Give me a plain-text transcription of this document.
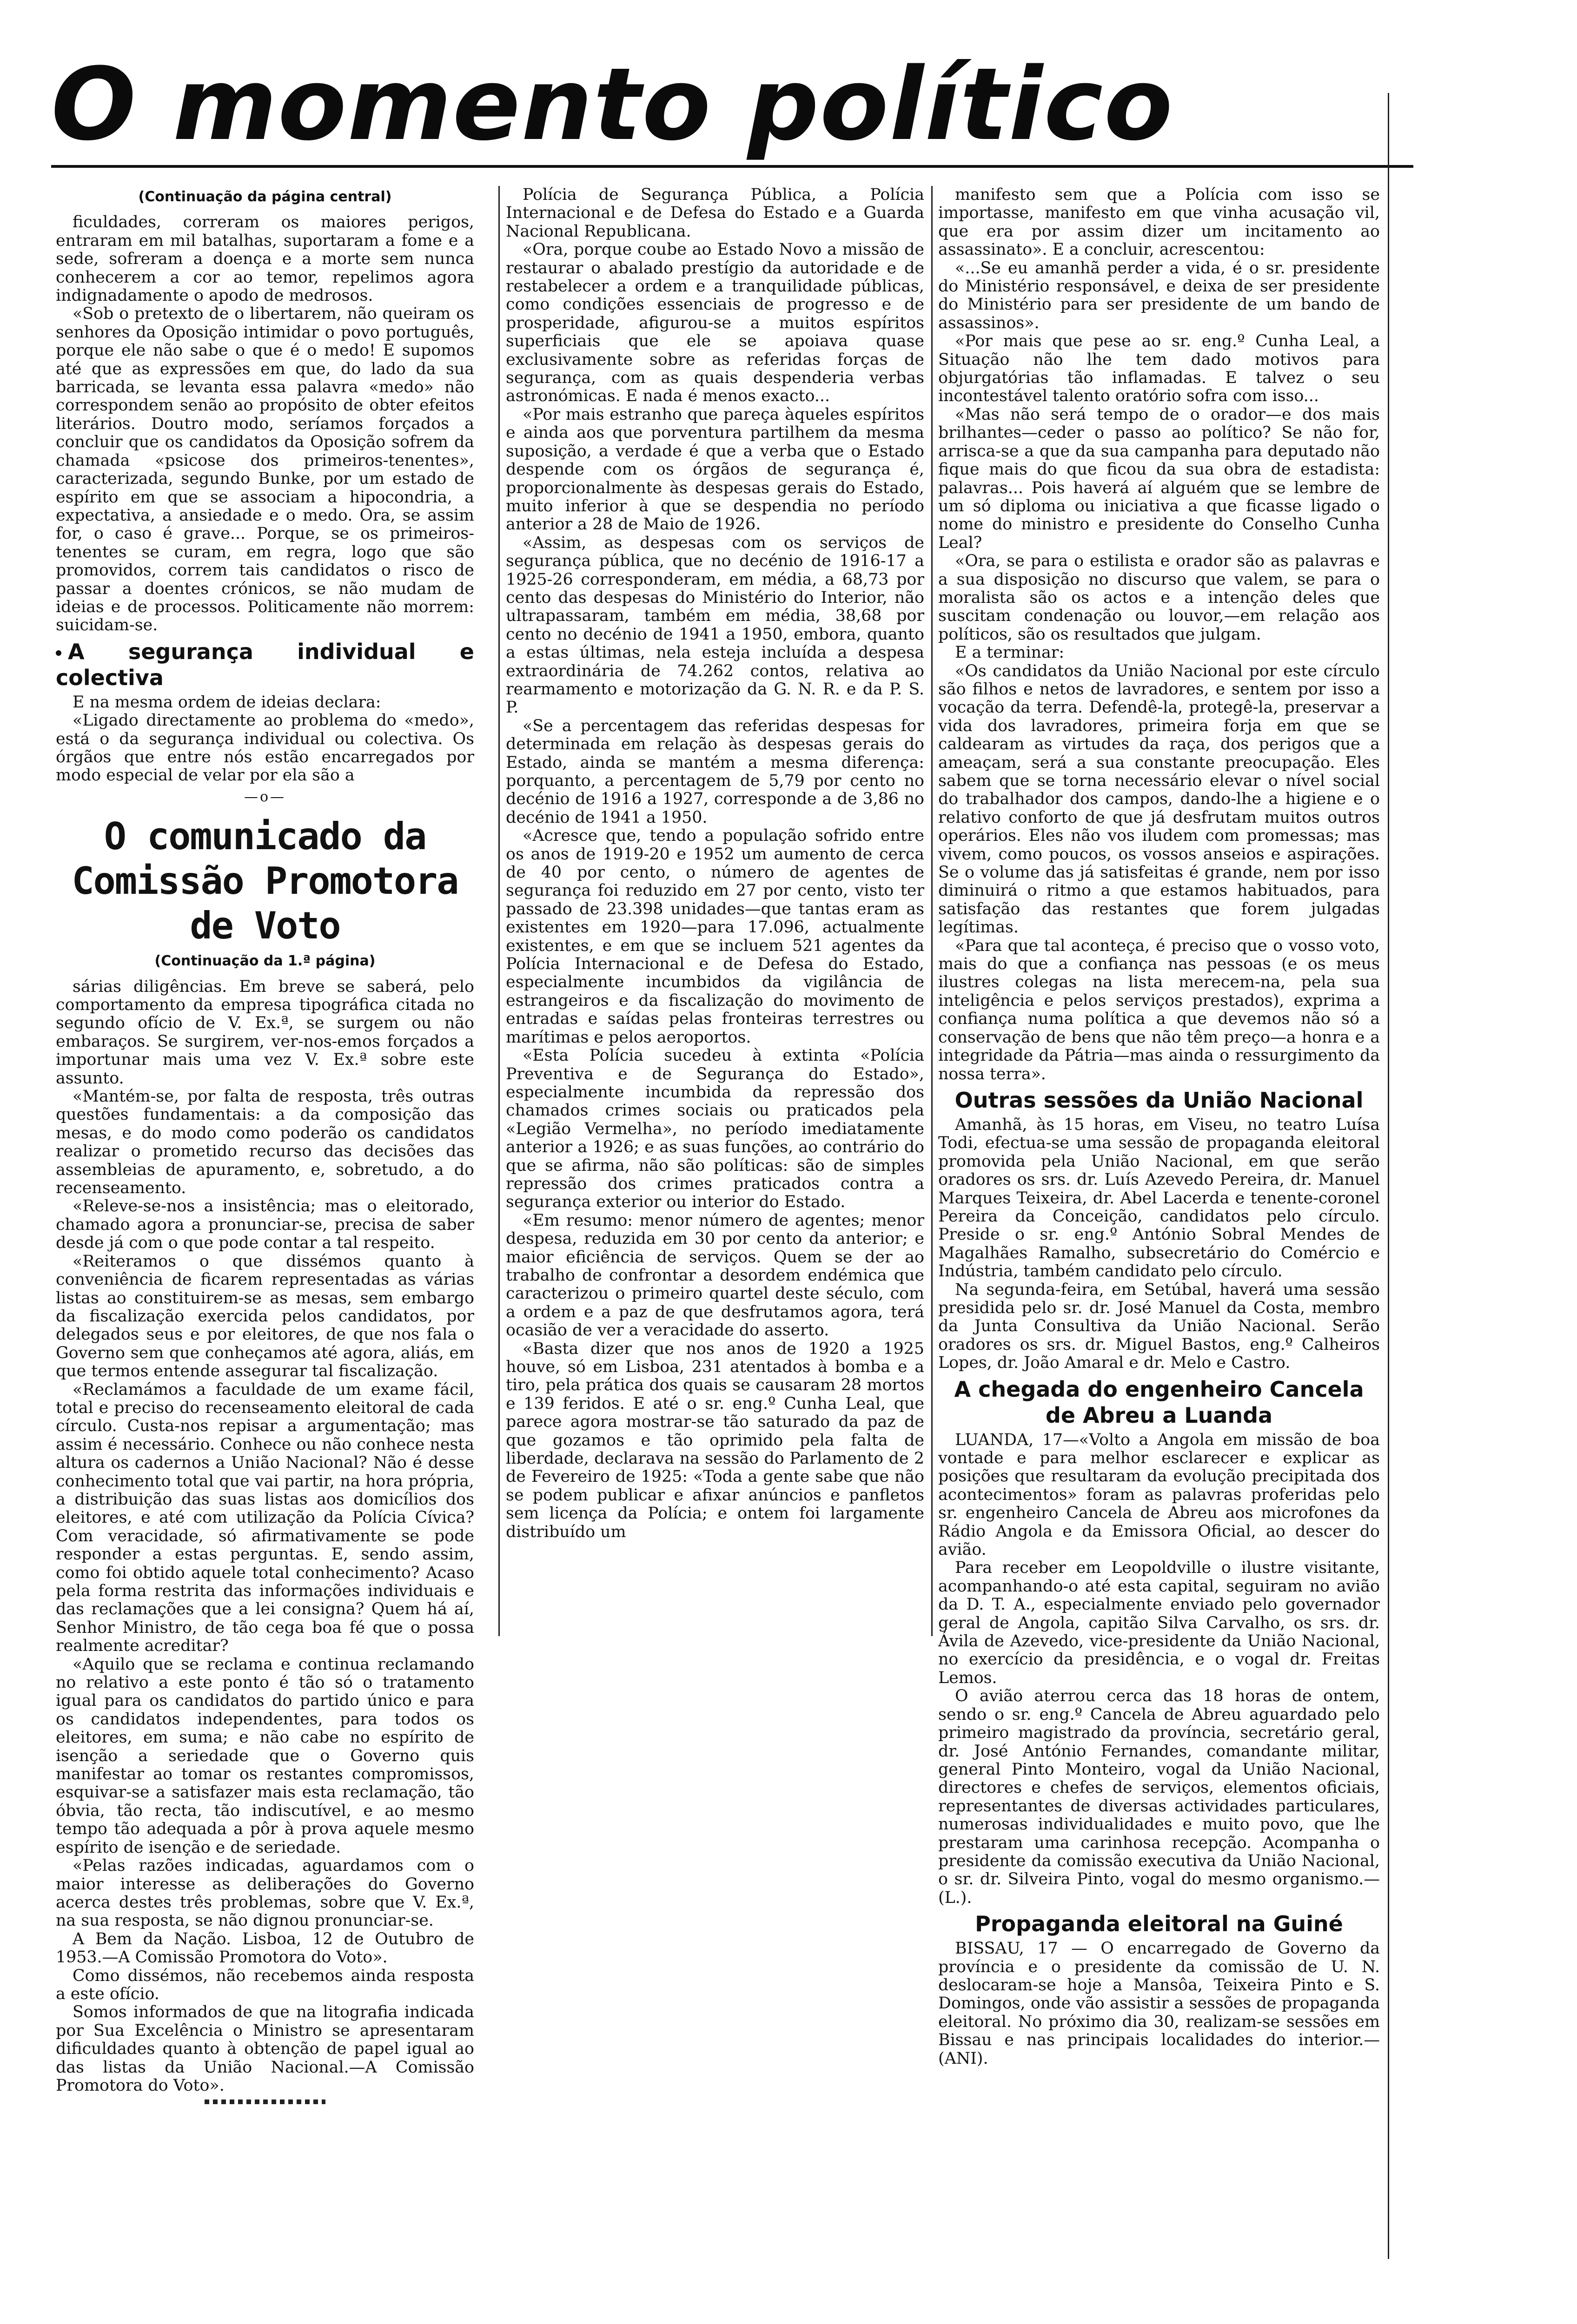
O momento político
(Continuação da página central)

ficuldades, correram os maiores perigos, entraram em mil batalhas, suportaram a fome e a sede, sofreram a doença e a morte sem nunca conhecerem a cor ao temor, repelimos agora indignadamente o apodo de medrosos.

«Sob o pretexto de o libertarem, não queiram os senhores da Oposição intimidar o povo português, porque ele não sabe o que é o medo! E supomos até que as expressões em que, do lado da sua barricada, se levanta essa palavra «medo» não correspondem senão ao propósito de obter efeitos literários. Doutro modo, seríamos forçados a concluir que os candidatos da Oposição sofrem da chamada «psicose dos primeiros-tenentes», caracterizada, segundo Bunke, por um estado de espírito em que se associam a hipocondria, a expectativa, a ansiedade e o medo. Ora, se assim for, o caso é grave... Porque, se os primeiros-tenentes se curam, em regra, logo que são promovidos, correm tais candidatos o risco de passar a doentes crónicos, se não mudam de ideias e de processos. Politicamente não morrem: suicidam-se.

A segurança individual e colectiva

E na mesma ordem de ideias declara:

«Ligado directamente ao problema do «medo», está o da segurança individual ou colectiva. Os órgãos que entre nós estão encarregados por modo especial de velar por ela são a

—o—
O comunicado da Comissão Promotora de Voto
(Continuação da 1.ª página)

sárias diligências. Em breve se saberá, pelo comportamento da empresa tipográfica citada no segundo ofício de V. Ex.ª, se surgem ou não embaraços. Se surgirem, ver-nos-emos forçados a importunar mais uma vez V. Ex.ª sobre este assunto.

«Mantém-se, por falta de resposta, três outras questões fundamentais: a da composição das mesas, e do modo como poderão os candidatos realizar o prometido recurso das decisões das assembleias de apuramento, e, sobretudo, a do recenseamento.

«Releve-se-nos a insistência; mas o eleitorado, chamado agora a pronunciar-se, precisa de saber desde já com o que pode contar a tal respeito.

«Reiteramos o que dissémos quanto à conveniência de ficarem representadas as várias listas ao constituirem-se as mesas, sem embargo da fiscalização exercida pelos candidatos, por delegados seus e por eleitores, de que nos fala o Governo sem que conheçamos até agora, aliás, em que termos entende assegurar tal fiscalização.

«Reclamámos a faculdade de um exame fácil, total e preciso do recenseamento eleitoral de cada círculo. Custa-nos repisar a argumentação; mas assim é necessário. Conhece ou não conhece nesta altura os cadernos a União Nacional? Não é desse conhecimento total que vai partir, na hora própria, a distribuição das suas listas aos domicílios dos eleitores, e até com utilização da Polícia Cívica? Com veracidade, só afirmativamente se pode responder a estas perguntas. E, sendo assim, como foi obtido aquele total conhecimento? Acaso pela forma restrita das informações individuais e das reclamações que a lei consigna? Quem há aí, Senhor Ministro, de tão cega boa fé que o possa realmente acreditar?

«Aquilo que se reclama e continua reclamando no relativo a este ponto é tão só o tratamento igual para os candidatos do partido único e para os candidatos independentes, para todos os eleitores, em suma; e não cabe no espírito de isenção a seriedade que o Governo quis manifestar ao tomar os restantes compromissos, esquivar-se a satisfazer mais esta reclamação, tão óbvia, tão recta, tão indiscutível, e ao mesmo tempo tão adequada a pôr à prova aquele mesmo espírito de isenção e de seriedade.

«Pelas razões indicadas, aguardamos com o maior interesse as deliberações do Governo acerca destes três problemas, sobre que V. Ex.ª, na sua resposta, se não dignou pronunciar-se.

A Bem da Nação. Lisboa, 12 de Outubro de 1953.—A Comissão Promotora do Voto».

Como dissémos, não recebemos ainda resposta a este ofício.

Somos informados de que na litografia indicada por Sua Excelência o Ministro se apresentaram dificuldades quanto à obtenção de papel igual ao das listas da União Nacional.—A Comissão Promotora do Voto».

Polícia de Segurança Pública, a Polícia Internacional e de Defesa do Estado e a Guarda Nacional Republicana.

«Ora, porque coube ao Estado Novo a missão de restaurar o abalado prestígio da autoridade e de restabelecer a ordem e a tranquilidade públicas, como condições essenciais de progresso e de prosperidade, afigurou-se a muitos espíritos superficiais que ele se apoiava quase exclusivamente sobre as referidas forças de segurança, com as quais despenderia verbas astronómicas. E nada é menos exacto...

«Por mais estranho que pareça àqueles espíritos e ainda aos que porventura partilhem da mesma suposição, a verdade é que a verba que o Estado despende com os órgãos de segurança é, proporcionalmente às despesas gerais do Estado, muito inferior à que se despendia no período anterior a 28 de Maio de 1926.

«Assim, as despesas com os serviços de segurança pública, que no decénio de 1916-17 a 1925-26 corresponderam, em média, a 68,73 por cento das despesas do Ministério do Interior, não ultrapassaram, também em média, 38,68 por cento no decénio de 1941 a 1950, embora, quanto a estas últimas, nela esteja incluída a despesa extraordinária de 74.262 contos, relativa ao rearmamento e motorização da G. N. R. e da P. S. P.

«Se a percentagem das referidas despesas for determinada em relação às despesas gerais do Estado, ainda se mantém a mesma diferença: porquanto, a percentagem de 5,79 por cento no decénio de 1916 a 1927, corresponde a de 3,86 no decénio de 1941 a 1950.

«Acresce que, tendo a população sofrido entre os anos de 1919-20 e 1952 um aumento de cerca de 40 por cento, o número de agentes de segurança foi reduzido em 27 por cento, visto ter passado de 23.398 unidades—que tantas eram as existentes em 1920—para 17.096, actualmente existentes, e em que se incluem 521 agentes da Polícia Internacional e de Defesa do Estado, especialmente incumbidos da vigilância de estrangeiros e da fiscalização do movimento de entradas e saídas pelas fronteiras terrestres ou marítimas e pelos aeroportos.

«Esta Polícia sucedeu à extinta «Polícia Preventiva e de Segurança do Estado», especialmente incumbida da repressão dos chamados crimes sociais ou praticados pela «Legião Vermelha», no período imediatamente anterior a 1926; e as suas funções, ao contrário do que se afirma, não são políticas: são de simples repressão dos crimes praticados contra a segurança exterior ou interior do Estado.

«Em resumo: menor número de agentes; menor despesa, reduzida em 30 por cento da anterior; e maior eficiência de serviços. Quem se der ao trabalho de confrontar a desordem endémica que caracterizou o primeiro quartel deste século, com a ordem e a paz de que desfrutamos agora, terá ocasião de ver a veracidade do asserto.

«Basta dizer que nos anos de 1920 a 1925 houve, só em Lisboa, 231 atentados à bomba e a tiro, pela prática dos quais se causaram 28 mortos e 139 feridos. E até o sr. eng.º Cunha Leal, que parece agora mostrar-se tão saturado da paz de que gozamos e tão oprimido pela falta de liberdade, declarava na sessão do Parlamento de 2 de Fevereiro de 1925: «Toda a gente sabe que não se podem publicar e afixar anúncios e panfletos sem licença da Polícia; e ontem foi largamente distribuído um

manifesto sem que a Polícia com isso se importasse, manifesto em que vinha acusação vil, que era por assim dizer um incitamento ao assassinato». E a concluir, acrescentou:

«...Se eu amanhã perder a vida, é o sr. presidente do Ministério responsável, e deixa de ser presidente do Ministério para ser presidente de um bando de assassinos».

«Por mais que pese ao sr. eng.º Cunha Leal, a Situação não lhe tem dado motivos para objurgatórias tão inflamadas. E talvez o seu incontestável talento oratório sofra com isso...

«Mas não será tempo de o orador—e dos mais brilhantes—ceder o passo ao político? Se não for, arrisca-se a que da sua campanha para deputado não fique mais do que ficou da sua obra de estadista: palavras... Pois haverá aí alguém que se lembre de um só diploma ou iniciativa a que ficasse ligado o nome do ministro e presidente do Conselho Cunha Leal?

«Ora, se para o estilista e orador são as palavras e a sua disposição no discurso que valem, se para o moralista são os actos e a intenção deles que suscitam condenação ou louvor,—em relação aos políticos, são os resultados que julgam.

E a terminar:

«Os candidatos da União Nacional por este círculo são filhos e netos de lavradores, e sentem por isso a vocação da terra. Defendê-la, protegê-la, preservar a vida dos lavradores, primeira forja em que se caldearam as virtudes da raça, dos perigos que a ameaçam, será a sua constante preocupação. Eles sabem que se torna necessário elevar o nível social do trabalhador dos campos, dando-lhe a higiene e o relativo conforto de que já desfrutam muitos outros operários. Eles não vos iludem com promessas; mas vivem, como poucos, os vossos anseios e aspirações. Se o volume das já satisfeitas é grande, nem por isso diminuirá o ritmo a que estamos habituados, para satisfação das restantes que forem julgadas legítimas.

«Para que tal aconteça, é preciso que o vosso voto, mais do que a confiança nas pessoas (e os meus ilustres colegas na lista merecem-na, pela sua inteligência e pelos serviços prestados), exprima a confiança numa política a que devemos não só a conservação de bens que não têm preço—a honra e a integridade da Pátria—mas ainda o ressurgimento da nossa terra».

Outras sessões da União Nacional

Amanhã, às 15 horas, em Viseu, no teatro Luísa Todi, efectua-se uma sessão de propaganda eleitoral promovida pela União Nacional, em que serão oradores os srs. dr. Luís Azevedo Pereira, dr. Manuel Marques Teixeira, dr. Abel Lacerda e tenente-coronel Pereira da Conceição, candidatos pelo círculo. Preside o sr. eng.º António Sobral Mendes de Magalhães Ramalho, subsecretário do Comércio e Indústria, também candidato pelo círculo.

Na segunda-feira, em Setúbal, haverá uma sessão presidida pelo sr. dr. José Manuel da Costa, membro da Junta Consultiva da União Nacional. Serão oradores os srs. dr. Miguel Bastos, eng.º Calheiros Lopes, dr. João Amaral e dr. Melo e Castro.

A chegada do engenheiro Cancela de Abreu a Luanda

LUANDA, 17—«Volto a Angola em missão de boa vontade e para melhor esclarecer e explicar as posições que resultaram da evolução precipitada dos acontecimentos» foram as palavras proferidas pelo sr. engenheiro Cancela de Abreu aos microfones da Rádio Angola e da Emissora Oficial, ao descer do avião.

Para receber em Leopoldville o ilustre visitante, acompanhando-o até esta capital, seguiram no avião da D. T. A., especialmente enviado pelo governador geral de Angola, capitão Silva Carvalho, os srs. dr. Ávila de Azevedo, vice-presidente da União Nacional, no exercício da presidência, e o vogal dr. Freitas Lemos.

O avião aterrou cerca das 18 horas de ontem, sendo o sr. eng.º Cancela de Abreu aguardado pelo primeiro magistrado da província, secretário geral, dr. José António Fernandes, comandante militar, general Pinto Monteiro, vogal da União Nacional, directores e chefes de serviços, elementos oficiais, representantes de diversas actividades particulares, numerosas individualidades e muito povo, que lhe prestaram uma carinhosa recepção. Acompanha o presidente da comissão executiva da União Nacional, o sr. dr. Silveira Pinto, vogal do mesmo organismo.—(L.).

Propaganda eleitoral na Guiné

BISSAU, 17 — O encarregado de Governo da província e o presidente da comissão de U. N. deslocaram-se hoje a Mansôa, Teixeira Pinto e S. Domingos, onde vão assistir a sessões de propaganda eleitoral. No próximo dia 30, realizam-se sessões em Bissau e nas principais localidades do interior.—(ANI).
